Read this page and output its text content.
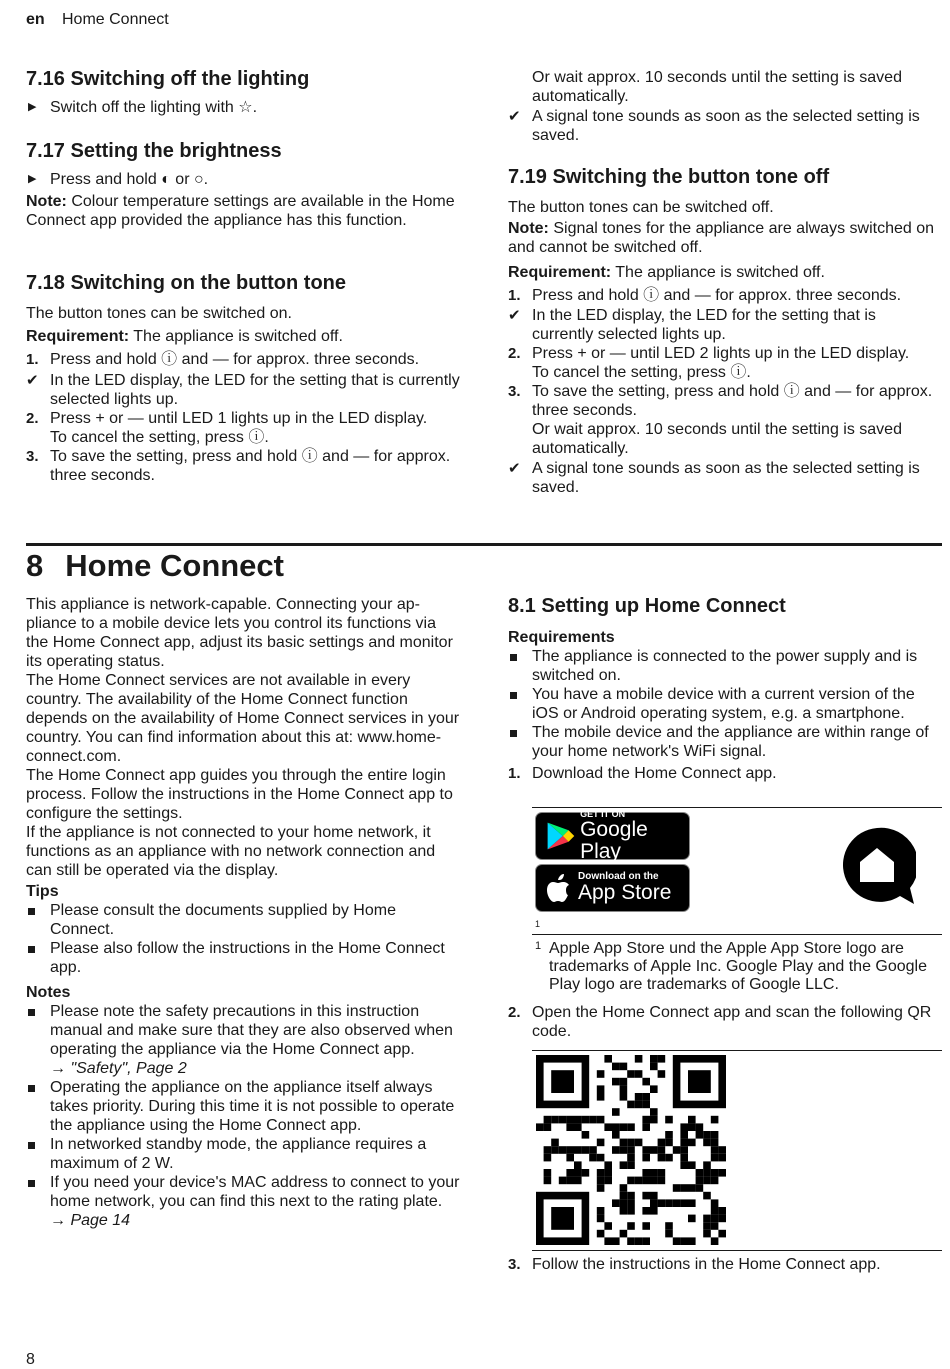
en Home Connect
7.16 Switching off the lighting
▶ Switch off the lighting with ☆.
7.17 Setting the brightness
▶ Press and hold ◐ or ○.

Note: Colour temperature settings are available in the Home Connect app provided the appliance has this function.

7.18 Switching on the button tone

The button tones can be switched on.

Requirement: The appliance is switched off.

1. Press and hold ⓘ and — for approx. three seconds.
✔ In the LED display, the LED for the setting that is currently selected lights up.
2. Press + or — until LED 1 lights up in the LED display.
To cancel the setting, press ⓘ.
3. To save the setting, press and hold ⓘ and — for approx. three seconds.
Or wait approx. 10 seconds until the setting is saved automatically.
✔ A signal tone sounds as soon as the selected setting is saved.
7.19 Switching the button tone off

The button tones can be switched off.

Note: Signal tones for the appliance are always switched on and cannot be switched off.

Requirement: The appliance is switched off.

1. Press and hold ⓘ and — for approx. three seconds.
✔ In the LED display, the LED for the setting that is currently selected lights up.
2. Press + or — until LED 2 lights up in the LED display.
To cancel the setting, press ⓘ.
3. To save the setting, press and hold ⓘ and — for approx. three seconds.
Or wait approx. 10 seconds until the setting is saved automatically.
✔ A signal tone sounds as soon as the selected setting is saved.
8 Home Connect

This appliance is network-capable. Connecting your appliance to a mobile device lets you control its functions via the Home Connect app, adjust its basic settings and monitor its operating status.

The Home Connect services are not available in every country. The availability of the Home Connect function depends on the availability of Home Connect services in your country. You can find information about this at: www.home-connect.com.

The Home Connect app guides you through the entire login process. Follow the instructions in the Home Connect app to configure the settings.

If the appliance is not connected to your home network, it functions as an appliance with no network connection and can still be operated via the display.

Tips
Please consult the documents supplied by Home Connect.
Please also follow the instructions in the Home Connect app.
Notes
Please note the safety precautions in this instruction manual and make sure that they are also observed when operating the appliance via the Home Connect app.
→ "Safety", Page 2
Operating the appliance on the appliance itself always takes priority. During this time it is not possible to operate the appliance using the Home Connect app.
In networked standby mode, the appliance requires a maximum of 2 W.
If you need your device's MAC address to connect to your home network, you can find this next to the rating plate. → Page 14
8.1 Setting up Home Connect
Requirements
The appliance is connected to the power supply and is switched on.
You have a mobile device with a current version of the iOS or Android operating system, e.g. a smartphone.
The mobile device and the appliance are within range of your home network's WiFi signal.
1. Download the Home Connect app.
GET IT ON
Google Play
Download on the
App Store
1
1 Apple App Store und the Apple App Store logo are trademarks of Apple Inc. Google Play and the Google Play logo are trademarks of Google LLC.
2. Open the Home Connect app and scan the following QR code.
3. Follow the instructions in the Home Connect app.
8
